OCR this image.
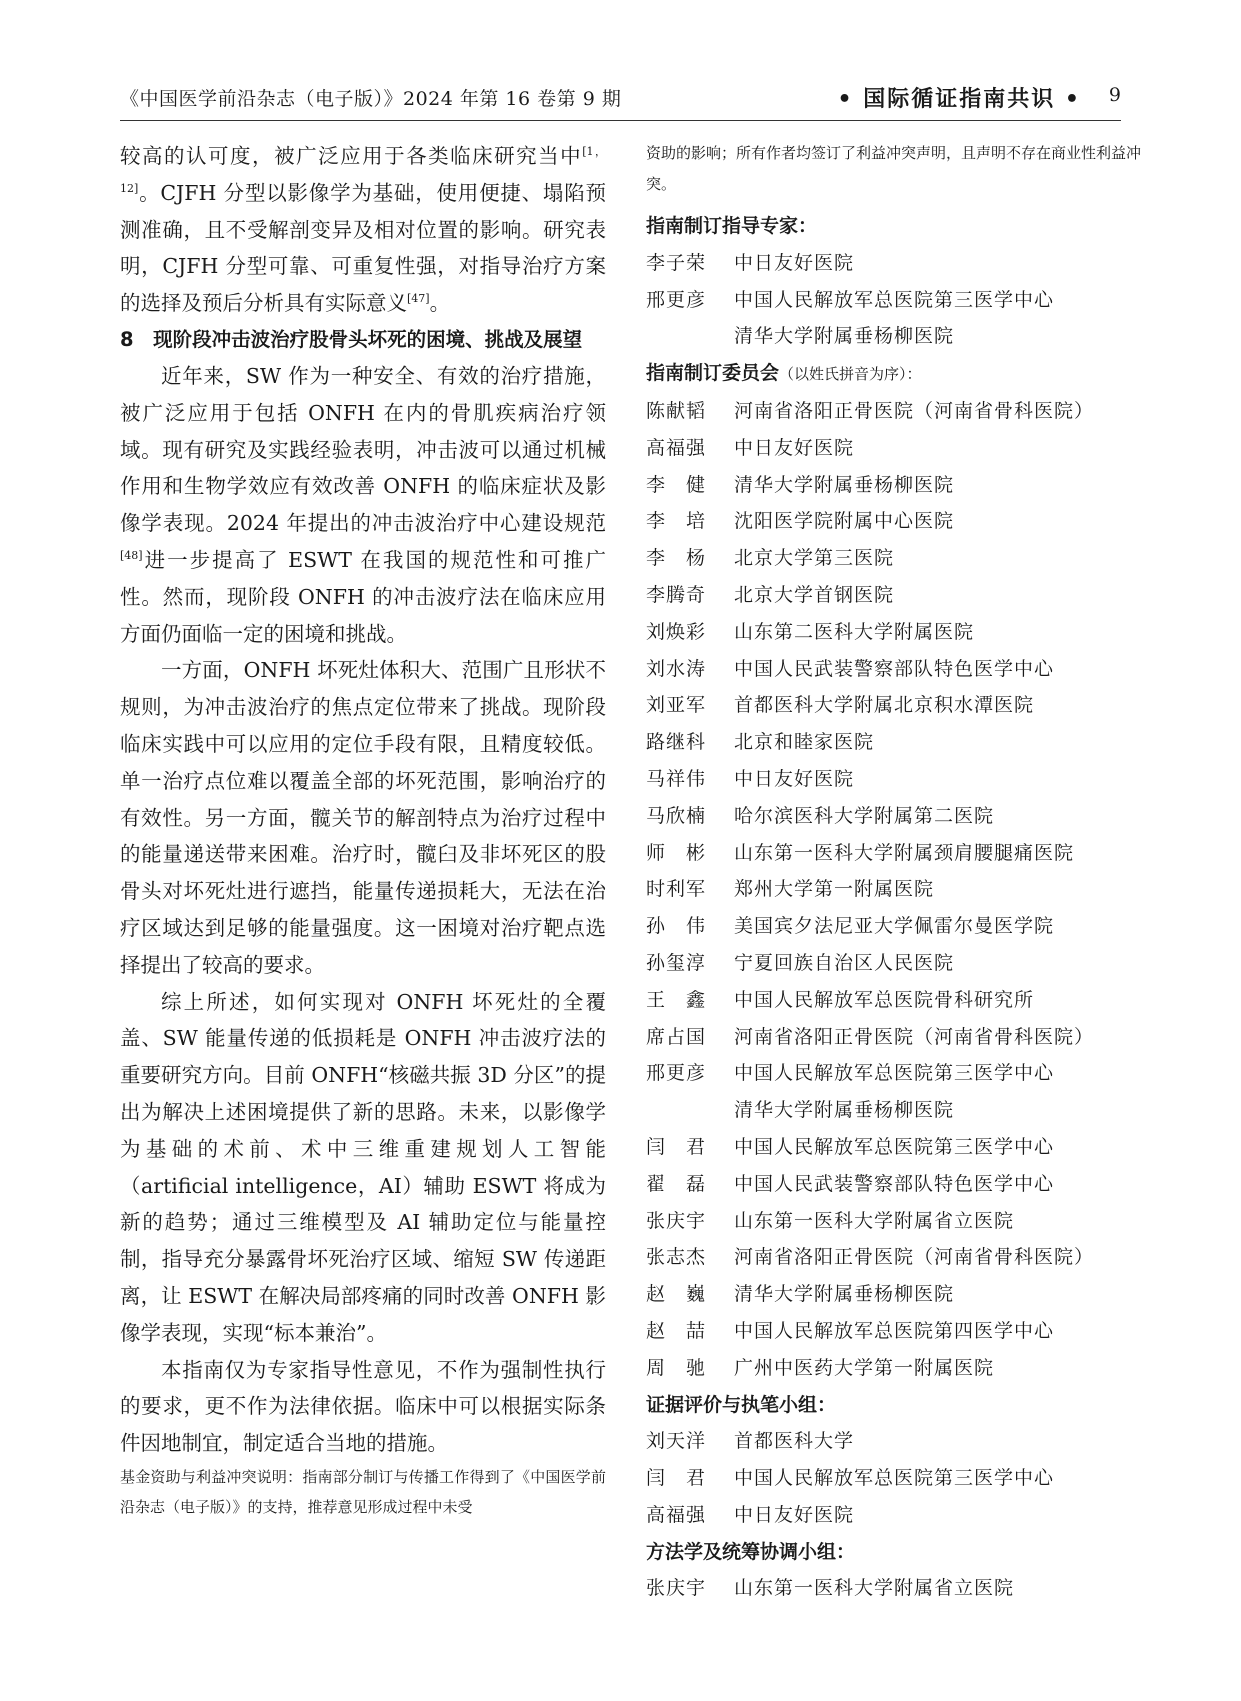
《中国医学前沿杂志（电子版）》2024 年第 16 卷第 9 期	• 国际循证指南共识 • 9

较高的认可度，被广泛应用于各类临床研究当中[1，12]。CJFH 分型以影像学为基础，使用便捷、塌陷预测准确，且不受解剖变异及相对位置的影响。研究表明，CJFH 分型可靠、可重复性强，对指导治疗方案的选择及预后分析具有实际意义[47]。

8　现阶段冲击波治疗股骨头坏死的困境、挑战及展望

近年来，SW 作为一种安全、有效的治疗措施，被广泛应用于包括 ONFH 在内的骨肌疾病治疗领域。现有研究及实践经验表明，冲击波可以通过机械作用和生物学效应有效改善 ONFH 的临床症状及影像学表现。2024 年提出的冲击波治疗中心建设规范[48]进一步提高了 ESWT 在我国的规范性和可推广性。然而，现阶段 ONFH 的冲击波疗法在临床应用方面仍面临一定的困境和挑战。

一方面，ONFH 坏死灶体积大、范围广且形状不规则，为冲击波治疗的焦点定位带来了挑战。现阶段临床实践中可以应用的定位手段有限，且精度较低。单一治疗点位难以覆盖全部的坏死范围，影响治疗的有效性。另一方面，髋关节的解剖特点为治疗过程中的能量递送带来困难。治疗时，髋臼及非坏死区的股骨头对坏死灶进行遮挡，能量传递损耗大，无法在治疗区域达到足够的能量强度。这一困境对治疗靶点选择提出了较高的要求。

综上所述，如何实现对 ONFH 坏死灶的全覆盖、SW 能量传递的低损耗是 ONFH 冲击波疗法的重要研究方向。目前 ONFH“核磁共振 3D 分区”的提出为解决上述困境提供了新的思路。未来，以影像学为基础的术前、术中三维重建规划人工智能（artificial intelligence，AI）辅助 ESWT 将成为新的趋势；通过三维模型及 AI 辅助定位与能量控制，指导充分暴露骨坏死治疗区域、缩短 SW 传递距离，让 ESWT 在解决局部疼痛的同时改善 ONFH 影像学表现，实现“标本兼治”。

本指南仅为专家指导性意见，不作为强制性执行的要求，更不作为法律依据。临床中可以根据实际条件因地制宜，制定适合当地的措施。

基金资助与利益冲突说明：指南部分制订与传播工作得到了《中国医学前沿杂志（电子版）》的支持，推荐意见形成过程中未受

资助的影响；所有作者均签订了利益冲突声明，且声明不存在商业性利益冲突。

指南制订指导专家：

李子荣	中日友好医院
邢更彦	中国人民解放军总医院第三医学中心
清华大学附属垂杨柳医院

指南制订委员会（以姓氏拼音为序）：

陈献韬	河南省洛阳正骨医院（河南省骨科医院）
高福强	中日友好医院
李　健	清华大学附属垂杨柳医院
李　培	沈阳医学院附属中心医院
李　杨	北京大学第三医院
李腾奇	北京大学首钢医院
刘焕彩	山东第二医科大学附属医院
刘水涛	中国人民武装警察部队特色医学中心
刘亚军	首都医科大学附属北京积水潭医院
路继科	北京和睦家医院
马祥伟	中日友好医院
马欣楠	哈尔滨医科大学附属第二医院
师　彬	山东第一医科大学附属颈肩腰腿痛医院
时利军	郑州大学第一附属医院
孙　伟	美国宾夕法尼亚大学佩雷尔曼医学院
孙玺淳	宁夏回族自治区人民医院
王　鑫	中国人民解放军总医院骨科研究所
席占国	河南省洛阳正骨医院（河南省骨科医院）
邢更彦	中国人民解放军总医院第三医学中心
清华大学附属垂杨柳医院
闫　君	中国人民解放军总医院第三医学中心
翟　磊	中国人民武装警察部队特色医学中心
张庆宇	山东第一医科大学附属省立医院
张志杰	河南省洛阳正骨医院（河南省骨科医院）
赵　巍	清华大学附属垂杨柳医院
赵　喆	中国人民解放军总医院第四医学中心
周　驰	广州中医药大学第一附属医院

证据评价与执笔小组：

刘天洋	首都医科大学
闫　君	中国人民解放军总医院第三医学中心
高福强	中日友好医院

方法学及统筹协调小组：

张庆宇	山东第一医科大学附属省立医院
